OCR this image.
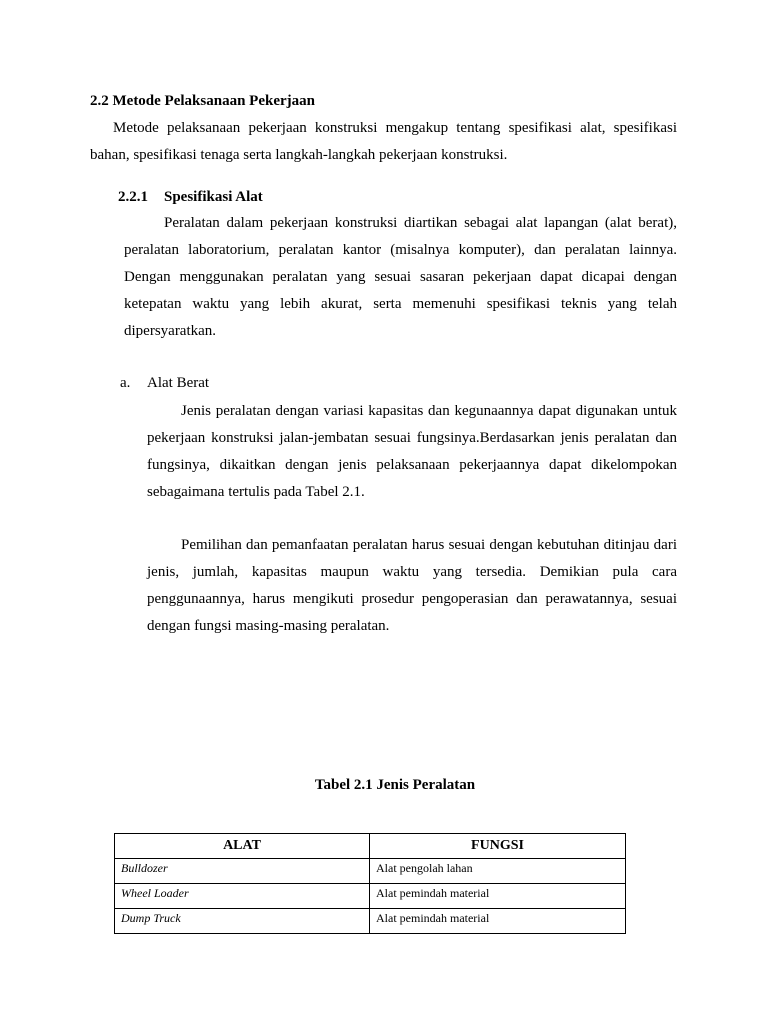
2.2 Metode Pelaksanaan Pekerjaan

Metode pelaksanaan pekerjaan konstruksi mengakup tentang spesifikasi alat, spesifikasi bahan, spesifikasi tenaga serta langkah-langkah pekerjaan konstruksi.

2.2.1 Spesifikasi Alat

Peralatan dalam pekerjaan konstruksi diartikan sebagai alat lapangan (alat berat), peralatan laboratorium, peralatan kantor (misalnya komputer), dan peralatan lainnya. Dengan menggunakan peralatan yang sesuai sasaran pekerjaan dapat dicapai dengan ketepatan waktu yang lebih akurat, serta memenuhi spesifikasi teknis yang telah dipersyaratkan.

a. Alat Berat

Jenis peralatan dengan variasi kapasitas dan kegunaannya dapat digunakan untuk pekerjaan konstruksi jalan-jembatan sesuai fungsinya.Berdasarkan jenis peralatan dan fungsinya, dikaitkan dengan jenis pelaksanaan pekerjaannya dapat dikelompokan sebagaimana tertulis pada Tabel 2.1.

Pemilihan dan pemanfaatan peralatan harus sesuai dengan kebutuhan ditinjau dari jenis, jumlah, kapasitas maupun waktu yang tersedia. Demikian pula cara penggunaannya, harus mengikuti prosedur pengoperasian dan perawatannya, sesuai dengan fungsi masing-masing peralatan.

Tabel 2.1 Jenis Peralatan
ALAT	FUNGSI
Bulldozer	Alat pengolah lahan
Wheel Loader	Alat pemindah material
Dump Truck	Alat pemindah material
